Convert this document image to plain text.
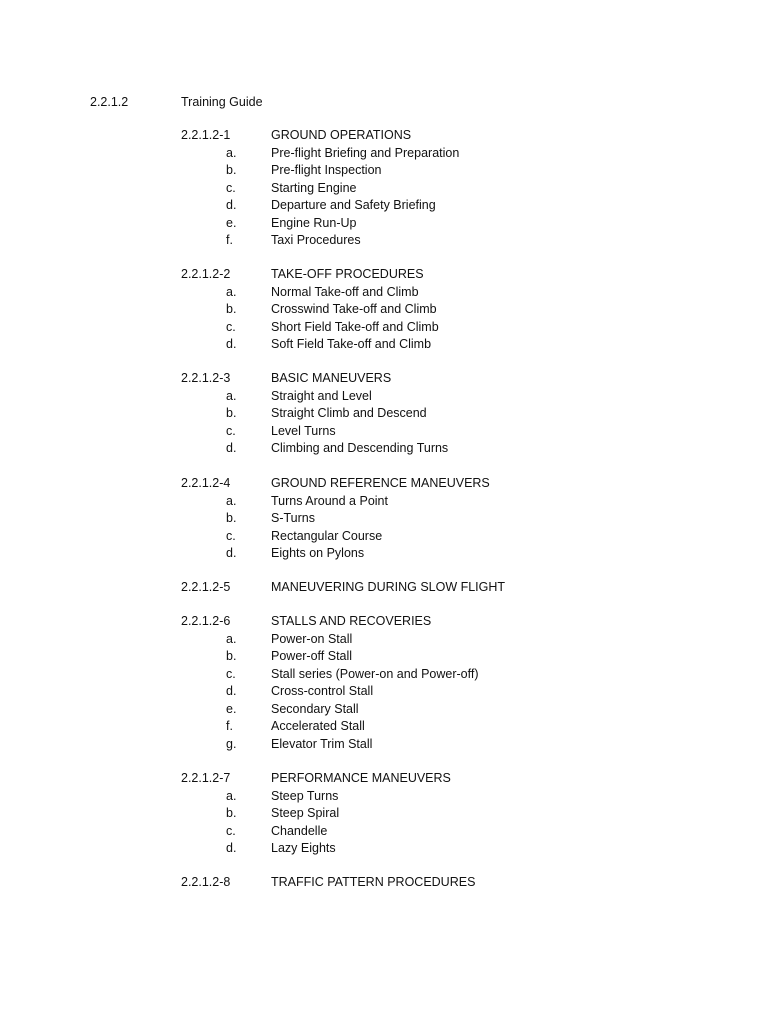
2.2.1.2	Training Guide
2.2.1.2-1	GROUND OPERATIONS
a.	Pre-flight Briefing and Preparation
b.	Pre-flight Inspection
c.	Starting Engine
d.	Departure and Safety Briefing
e.	Engine Run-Up
f.	Taxi Procedures
2.2.1.2-2	TAKE-OFF PROCEDURES
a.	Normal Take-off and Climb
b.	Crosswind Take-off and Climb
c.	Short Field Take-off and Climb
d.	Soft Field Take-off and Climb
2.2.1.2-3	BASIC MANEUVERS
a.	Straight and Level
b.	Straight Climb and Descend
c.	Level Turns
d.	Climbing and Descending Turns
2.2.1.2-4	GROUND REFERENCE MANEUVERS
a.	Turns Around a Point
b.	S-Turns
c.	Rectangular Course
d.	Eights on Pylons
2.2.1.2-5	MANEUVERING DURING SLOW FLIGHT
2.2.1.2-6	STALLS AND RECOVERIES
a.	Power-on Stall
b.	Power-off Stall
c.	Stall series (Power-on and Power-off)
d.	Cross-control Stall
e.	Secondary Stall
f.	Accelerated Stall
g.	Elevator Trim Stall
2.2.1.2-7	PERFORMANCE MANEUVERS
a.	Steep Turns
b.	Steep Spiral
c.	Chandelle
d.	Lazy Eights
2.2.1.2-8	TRAFFIC PATTERN PROCEDURES
